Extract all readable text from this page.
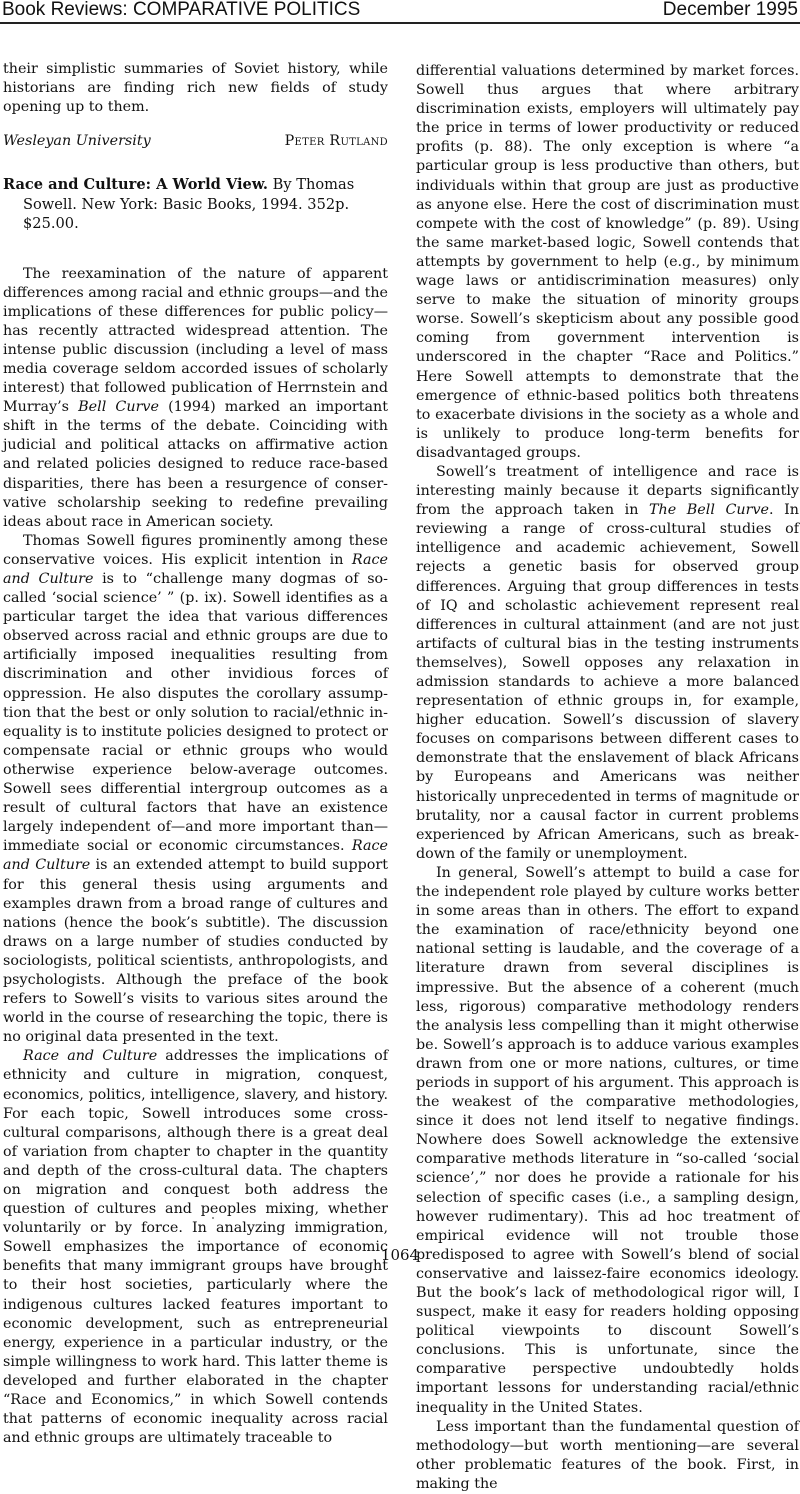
Book Reviews: COMPARATIVE POLITICS	December 1995

their simplistic summaries of Soviet history, while historians are finding rich new fields of study opening up to them.

Wesleyan University	Peter Rutland
Race and Culture: A World View. By Thomas Sowell. New York: Basic Books, 1994. 352p. $25.00.

The reexamination of the nature of apparent differences among racial and ethnic groups—and the implications of these differences for public policy—has recently attracted widespread attention. The intense public discussion (including a level of mass media coverage seldom accorded issues of scholarly interest) that followed publication of Herrnstein and Murray’s Bell Curve (1994) marked an important shift in the terms of the debate. Coinciding with judicial and political attacks on affirmative action and related policies designed to reduce race-based disparities, there has been a resurgence of conservative scholarship seeking to redefine prevailing ideas about race in American society.

Thomas Sowell figures prominently among these conservative voices. His explicit intention in Race and Culture is to “challenge many dogmas of so-called ‘social science’ ” (p. ix). Sowell identifies as a particular target the idea that various differences observed across racial and ethnic groups are due to artificially imposed inequalities resulting from discrimination and other invidious forces of oppression. He also disputes the corollary assumption that the best or only solution to racial/ethnic inequality is to institute policies designed to protect or compensate racial or ethnic groups who would otherwise experience below-average outcomes. Sowell sees differential intergroup outcomes as a result of cultural factors that have an existence largely independent of—and more important than—immediate social or economic circumstances. Race and Culture is an extended attempt to build support for this general thesis using arguments and examples drawn from a broad range of cultures and nations (hence the book’s subtitle). The discussion draws on a large number of studies conducted by sociologists, political scientists, anthropologists, and psychologists. Although the preface of the book refers to Sowell’s visits to various sites around the world in the course of researching the topic, there is no original data presented in the text.

Race and Culture addresses the implications of ethnicity and culture in migration, conquest, economics, politics, intelligence, slavery, and history. For each topic, Sowell introduces some cross-cultural comparisons, although there is a great deal of variation from chapter to chapter in the quantity and depth of the cross-cultural data. The chapters on migration and conquest both address the question of cultures and peoples mixing, whether voluntarily or by force. In analyzing immigration, Sowell emphasizes the importance of economic benefits that many immigrant groups have brought to their host societies, particularly where the indigenous cultures lacked features important to economic development, such as entrepreneurial energy, experience in a particular industry, or the simple willingness to work hard. This latter theme is developed and further elaborated in the chapter “Race and Economics,” in which Sowell contends that patterns of economic inequality across racial and ethnic groups are ultimately traceable to

differential valuations determined by market forces. Sowell thus argues that where arbitrary discrimination exists, employers will ultimately pay the price in terms of lower productivity or reduced profits (p. 88). The only exception is where “a particular group is less productive than others, but individuals within that group are just as productive as anyone else. Here the cost of discrimination must compete with the cost of knowledge” (p. 89). Using the same market-based logic, Sowell contends that attempts by government to help (e.g., by minimum wage laws or antidiscrimination measures) only serve to make the situation of minority groups worse. Sowell’s skepticism about any possible good coming from government intervention is underscored in the chapter “Race and Politics.” Here Sowell attempts to demonstrate that the emergence of ethnic-based politics both threatens to exacerbate divisions in the society as a whole and is unlikely to produce long-term benefits for disadvantaged groups.

Sowell’s treatment of intelligence and race is interesting mainly because it departs significantly from the approach taken in The Bell Curve. In reviewing a range of cross-cultural studies of intelligence and academic achievement, Sowell rejects a genetic basis for observed group differences. Arguing that group differences in tests of IQ and scholastic achievement represent real differences in cultural attainment (and are not just artifacts of cultural bias in the testing instruments themselves), Sowell opposes any relaxation in admission standards to achieve a more balanced representation of ethnic groups in, for example, higher education. Sowell’s discussion of slavery focuses on comparisons between different cases to demonstrate that the enslavement of black Africans by Europeans and Americans was neither historically unprecedented in terms of magnitude or brutality, nor a causal factor in current problems experienced by African Americans, such as breakdown of the family or unemployment.

In general, Sowell’s attempt to build a case for the independent role played by culture works better in some areas than in others. The effort to expand the examination of race/ethnicity beyond one national setting is laudable, and the coverage of a literature drawn from several disciplines is impressive. But the absence of a coherent (much less, rigorous) comparative methodology renders the analysis less compelling than it might otherwise be. Sowell’s approach is to adduce various examples drawn from one or more nations, cultures, or time periods in support of his argument. This approach is the weakest of the comparative methodologies, since it does not lend itself to negative findings. Nowhere does Sowell acknowledge the extensive comparative methods literature in “so-called ‘social science’,” nor does he provide a rationale for his selection of specific cases (i.e., a sampling design, however rudimentary). This ad hoc treatment of empirical evidence will not trouble those predisposed to agree with Sowell’s blend of social conservative and laissez-faire economics ideology. But the book’s lack of methodological rigor will, I suspect, make it easy for readers holding opposing political viewpoints to discount Sowell’s conclusions. This is unfortunate, since the comparative perspective undoubtedly holds important lessons for understanding racial/ethnic inequality in the United States.

Less important than the fundamental question of methodology—but worth mentioning—are several other problematic features of the book. First, in making the

1064
